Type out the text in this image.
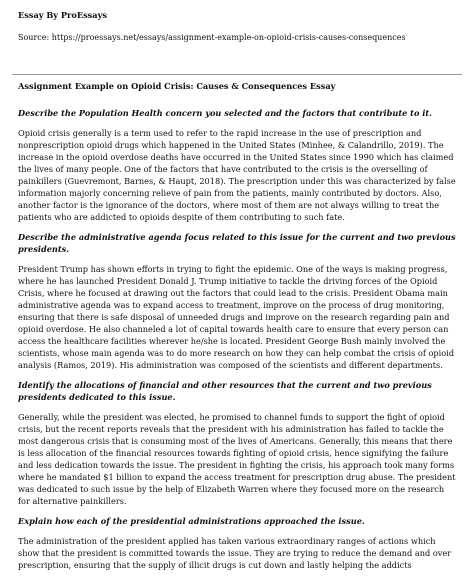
Essay By ProEssays
Source: https://proessays.net/essays/assignment-example-on-opioid-crisis-causes-consequences
Assignment Example on Opioid Crisis: Causes & Consequences Essay
Describe the Population Health concern you selected and the factors that contribute to it.
Opioid crisis generally is a term used to refer to the rapid increase in the use of prescription and nonprescription opioid drugs which happened in the United States (Minhee, & Calandrillo, 2019). The increase in the opioid overdose deaths have occurred in the United States since 1990 which has claimed the lives of many people. One of the factors that have contributed to the crisis is the overselling of painkillers (Guevremont, Barnes, & Haupt, 2018). The prescription under this was characterized by false information majorly concerning relieve of pain from the patients, mainly contributed by doctors. Also, another factor is the ignorance of the doctors, where most of them are not always willing to treat the patients who are addicted to opioids despite of them contributing to such fate.
Describe the administrative agenda focus related to this issue for the current and two previous presidents.
President Trump has shown efforts in trying to fight the epidemic. One of the ways is making progress, where he has launched President Donald J. Trump initiative to tackle the driving forces of the Opioid Crisis, where he focused at drawing out the factors that could lead to the crisis. President Obama main administrative agenda was to expand access to treatment, improve on the process of drug monitoring, ensuring that there is safe disposal of unneeded drugs and improve on the research regarding pain and opioid overdose. He also channeled a lot of capital towards health care to ensure that every person can access the healthcare facilities wherever he/she is located. President George Bush mainly involved the scientists, whose main agenda was to do more research on how they can help combat the crisis of opioid analysis (Ramos, 2019). His administration was composed of the scientists and different departments.
Identify the allocations of financial and other resources that the current and two previous presidents dedicated to this issue.
Generally, while the president was elected, he promised to channel funds to support the fight of opioid crisis, but the recent reports reveals that the president with his administration has failed to tackle the most dangerous crisis that is consuming most of the lives of Americans. Generally, this means that there is less allocation of the financial resources towards fighting of opioid crisis, hence signifying the failure and less dedication towards the issue. The president in fighting the crisis, his approach took many forms where he mandated $1 billion to expand the access treatment for prescription drug abuse. The president was dedicated to such issue by the help of Elizabeth Warren where they focused more on the research for alternative painkillers.
Explain how each of the presidential administrations approached the issue.
The administration of the president applied has taken various extraordinary ranges of actions which show that the president is committed towards the issue. They are trying to reduce the demand and over prescription, ensuring that the supply of illicit drugs is cut down and lastly helping the addicts
